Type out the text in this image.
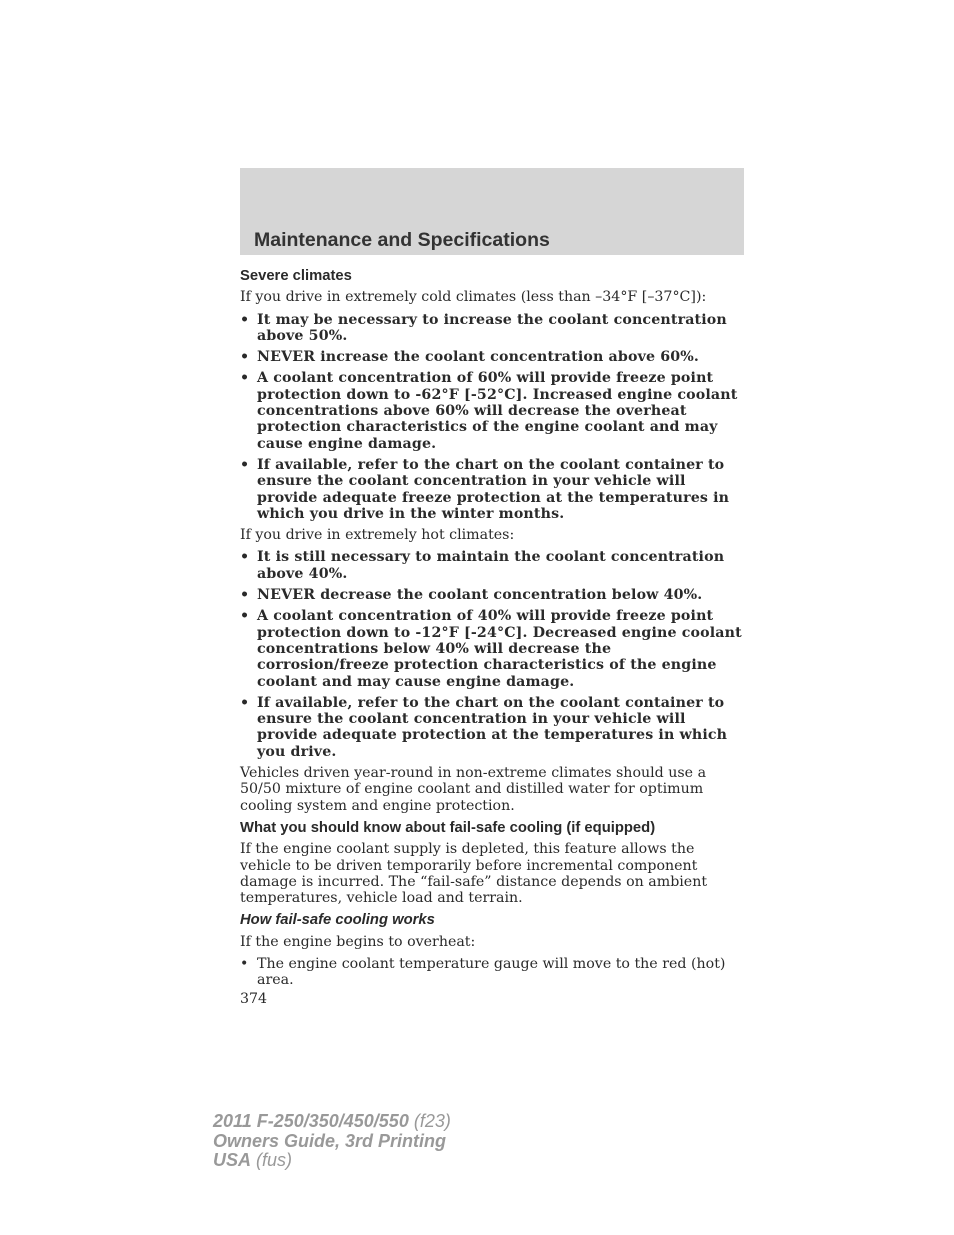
Maintenance and Specifications
Severe climates

If you drive in extremely cold climates (less than –34°F [–37°C]):

• It may be necessary to increase the coolant concentration above 50%.
• NEVER increase the coolant concentration above 60%.
• A coolant concentration of 60% will provide freeze point protection down to -62°F [-52°C]. Increased engine coolant concentrations above 60% will decrease the overheat protection characteristics of the engine coolant and may cause engine damage.
• If available, refer to the chart on the coolant container to ensure the coolant concentration in your vehicle will provide adequate freeze protection at the temperatures in which you drive in the winter months.

If you drive in extremely hot climates:

• It is still necessary to maintain the coolant concentration above 40%.
• NEVER decrease the coolant concentration below 40%.
• A coolant concentration of 40% will provide freeze point protection down to -12°F [-24°C]. Decreased engine coolant concentrations below 40% will decrease the corrosion/freeze protection characteristics of the engine coolant and may cause engine damage.
• If available, refer to the chart on the coolant container to ensure the coolant concentration in your vehicle will provide adequate protection at the temperatures in which you drive.

Vehicles driven year-round in non-extreme climates should use a 50/50 mixture of engine coolant and distilled water for optimum cooling system and engine protection.

What you should know about fail-safe cooling (if equipped)

If the engine coolant supply is depleted, this feature allows the vehicle to be driven temporarily before incremental component damage is incurred. The “fail-safe” distance depends on ambient temperatures, vehicle load and terrain.

How fail-safe cooling works

If the engine begins to overheat:

• The engine coolant temperature gauge will move to the red (hot) area.
374
2011 F-250/350/450/550 (f23)
Owners Guide, 3rd Printing
USA (fus)
